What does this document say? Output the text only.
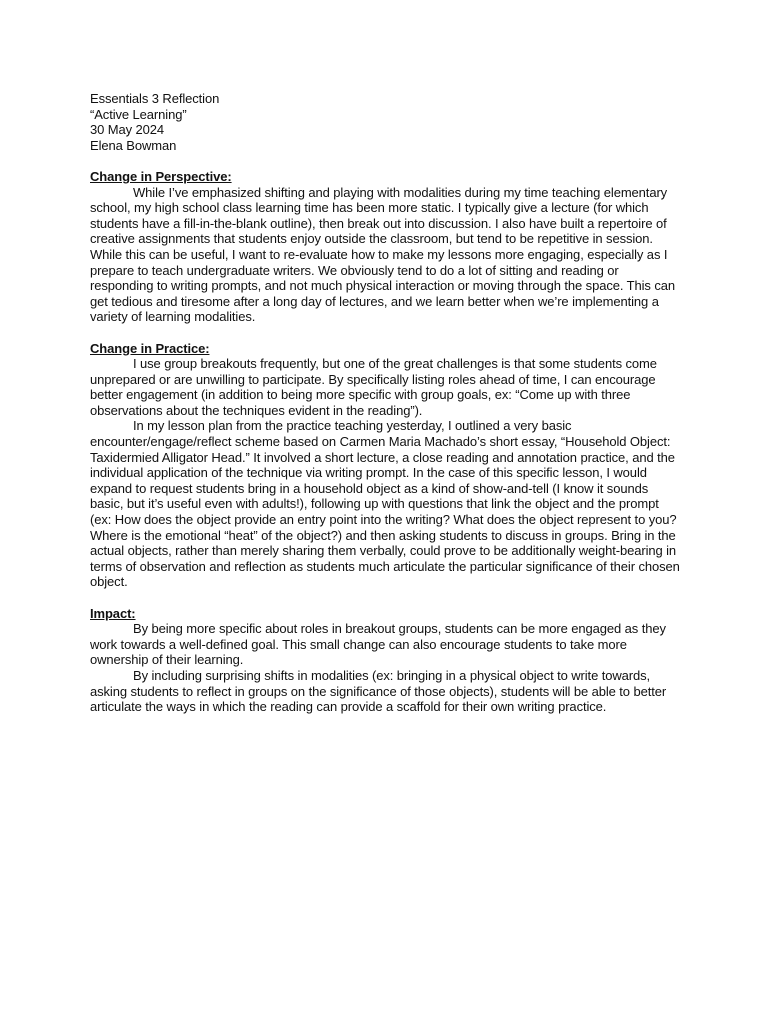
Essentials 3 Reflection

“Active Learning”

30 May 2024

Elena Bowman

Change in Perspective:

While I’ve emphasized shifting and playing with modalities during my time teaching elementary school, my high school class learning time has been more static. I typically give a lecture (for which students have a fill-in-the-blank outline), then break out into discussion. I also have built a repertoire of creative assignments that students enjoy outside the classroom, but tend to be repetitive in session. While this can be useful, I want to re-evaluate how to make my lessons more engaging, especially as I prepare to teach undergraduate writers. We obviously tend to do a lot of sitting and reading or responding to writing prompts, and not much physical interaction or moving through the space. This can get tedious and tiresome after a long day of lectures, and we learn better when we’re implementing a variety of learning modalities.

Change in Practice:

I use group breakouts frequently, but one of the great challenges is that some students come unprepared or are unwilling to participate. By specifically listing roles ahead of time, I can encourage better engagement (in addition to being more specific with group goals, ex: “Come up with three observations about the techniques evident in the reading”).

In my lesson plan from the practice teaching yesterday, I outlined a very basic encounter/engage/reflect scheme based on Carmen Maria Machado’s short essay, “Household Object: Taxidermied Alligator Head.” It involved a short lecture, a close reading and annotation practice, and the individual application of the technique via writing prompt. In the case of this specific lesson, I would expand to request students bring in a household object as a kind of show-and-tell (I know it sounds basic, but it’s useful even with adults!), following up with questions that link the object and the prompt (ex: How does the object provide an entry point into the writing? What does the object represent to you? Where is the emotional “heat” of the object?) and then asking students to discuss in groups. Bring in the actual objects, rather than merely sharing them verbally, could prove to be additionally weight-bearing in terms of observation and reflection as students much articulate the particular significance of their chosen object.

Impact:

By being more specific about roles in breakout groups, students can be more engaged as they work towards a well-defined goal. This small change can also encourage students to take more ownership of their learning.

By including surprising shifts in modalities (ex: bringing in a physical object to write towards, asking students to reflect in groups on the significance of those objects), students will be able to better articulate the ways in which the reading can provide a scaffold for their own writing practice.
